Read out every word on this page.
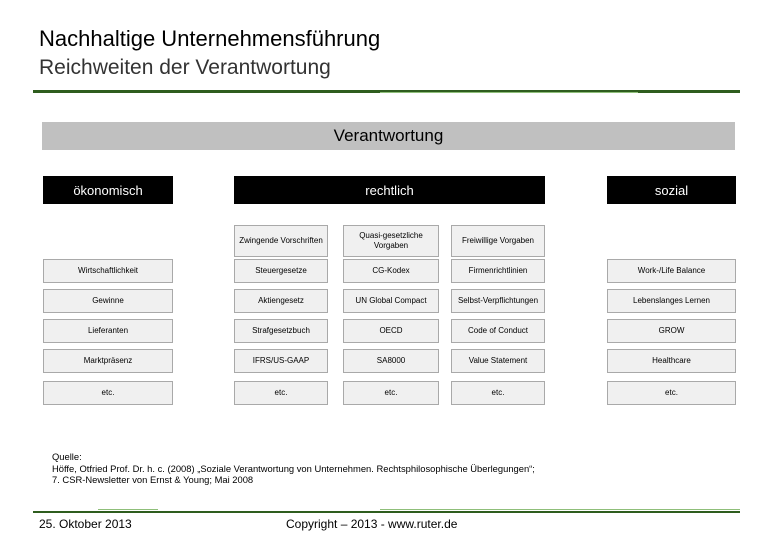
Nachhaltige Unternehmensführung
Reichweiten der Verantwortung
Verantwortung
ökonomisch	rechtlich	sozial
Zwingende Vorschriften
Quasi-gesetzliche Vorgaben
Freiwillige Vorgaben
Wirtschaftlichkeit	Steuergesetze	CG-Kodex	Firmenrichtlinien	Work-/Life Balance
Gewinne	Aktiengesetz	UN Global Compact	Selbst-Verpflichtungen	Lebenslanges Lernen
Lieferanten	Strafgesetzbuch	OECD	Code of Conduct	GROW
Marktpräsenz	IFRS/US-GAAP	SA8000	Value Statement	Healthcare
etc.	etc.	etc.	etc.	etc.
Quelle:
Höffe, Otfried Prof. Dr. h. c. (2008) „Soziale Verantwortung von Unternehmen. Rechtsphilosophische Überlegungen“;
7. CSR-Newsletter von Ernst & Young; Mai 2008
25. Oktober 2013	Copyright – 2013 - www.ruter.de
